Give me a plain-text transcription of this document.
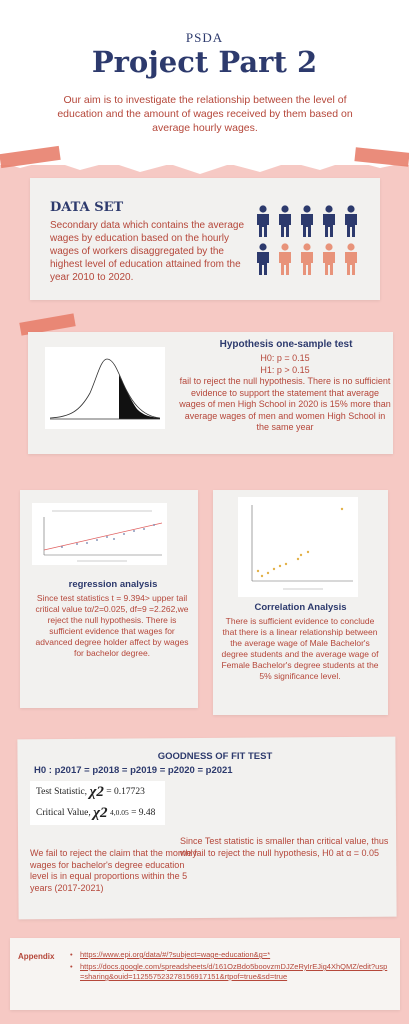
PSDA
Project Part 2
Our aim is to investigate the relationship between the level of education and the amount of wages received by them based on average hourly wages.
DATA SET
Secondary data which contains the average wages by education based on the hourly wages of workers disaggregated by the highest level of education attained from the year 2010 to 2020.
Hypothesis one-sample test
H0: p = 0.15
H1: p > 0.15
fail to reject the null hypothesis. There is no sufficient evidence to support the statement that average wages of men High School in 2020 is 15% more than average wages of men and women High School in the same year
regression analysis
Since test statistics t = 9.394> upper tail critical value tα/2=0.025, df=9 =2.262,we reject the null hypothesis. There is sufficient evidence that wages for advanced degree holder affect by wages for bachelor degree.
Correlation Analysis
There is sufficient evidence to conclude that there is a linear relationship between the average wage of Male Bachelor's degree students and the average wage of Female Bachelor's degree students at the 5% significance level.
GOODNESS OF FIT TEST
H0 : p2017 = p2018 = p2019 = p2020 = p2021
Test Statistic, χ2 = 0.17723
Critical Value, χ2 4,0.05 = 9.48
Since Test statistic is smaller than critical value, thus we fail to reject the null hypothesis, H0 at α = 0.05
We fail to reject the claim that the monthly wages for bachelor's degree education level is in equal proportions within the 5 years (2017-2021)
Appendix
•	https://www.epi.org/data/#/?subject=wage-education&g=*
• https://docs.google.com/spreadsheets/d/161OzBdo5boovzmDJZeRyIrEJig4XhQMZ/edit?usp=sharing&ouid=112557523278156917151&rtpof=true&sd=true
